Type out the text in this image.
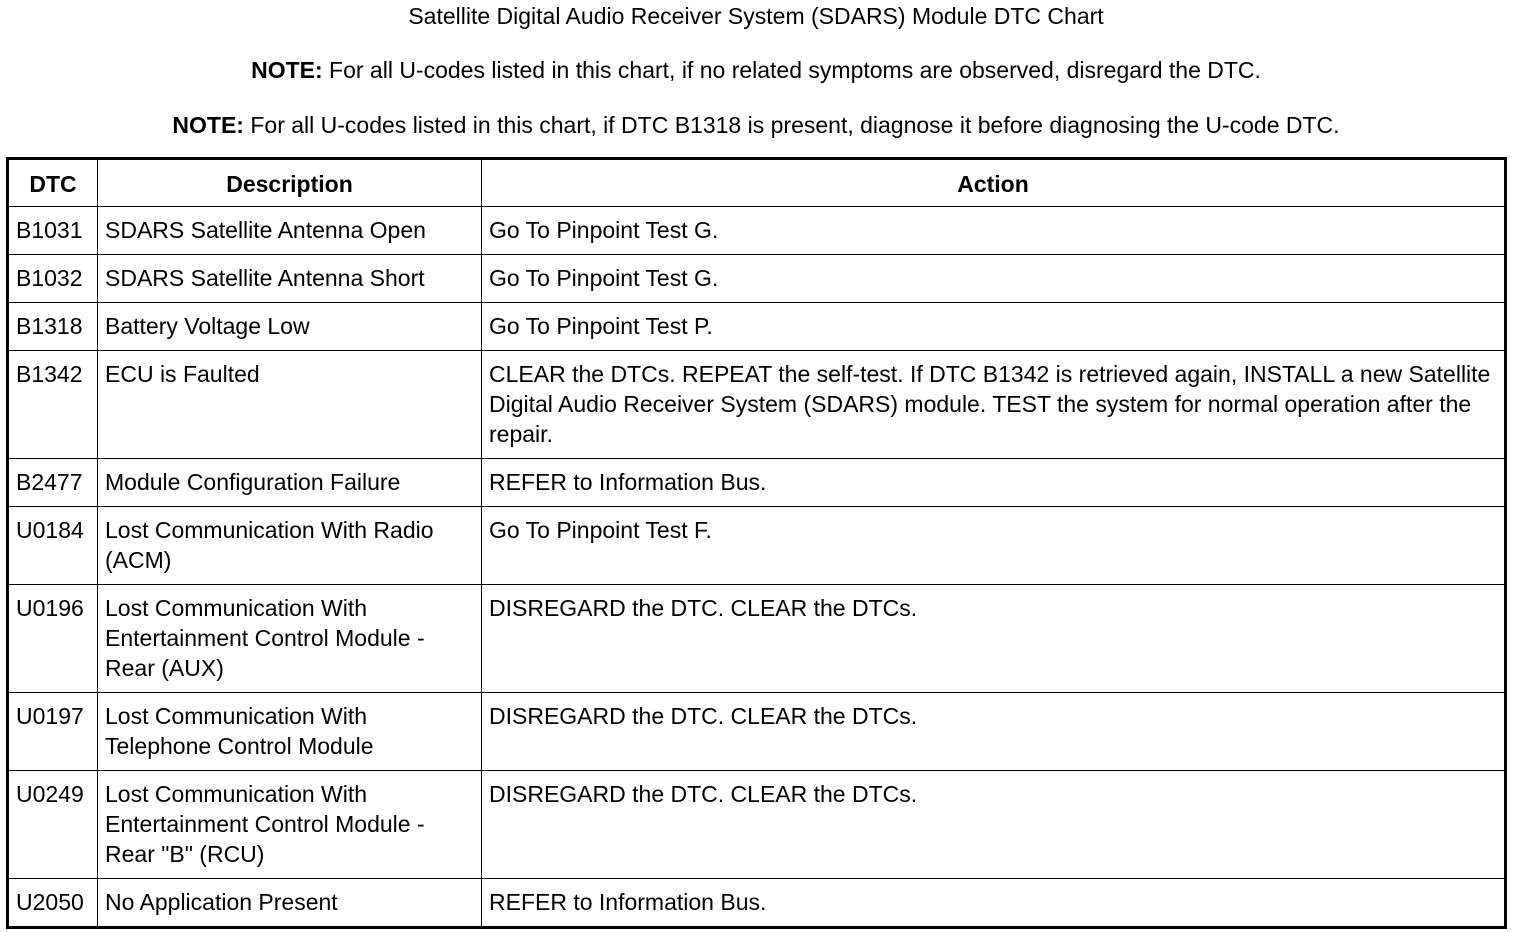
Satellite Digital Audio Receiver System (SDARS) Module DTC Chart
NOTE: For all U-codes listed in this chart, if no related symptoms are observed, disregard the DTC.
NOTE: For all U-codes listed in this chart, if DTC B1318 is present, diagnose it before diagnosing the U-code DTC.
DTC	Description	Action
B1031	SDARS Satellite Antenna Open	Go To Pinpoint Test G.
B1032	SDARS Satellite Antenna Short	Go To Pinpoint Test G.
B1318	Battery Voltage Low	Go To Pinpoint Test P.
B1342	ECU is Faulted	CLEAR the DTCs. REPEAT the self-test. If DTC B1342 is retrieved again, INSTALL a new Satellite Digital Audio Receiver System (SDARS) module. TEST the system for normal operation after the repair.
B2477	Module Configuration Failure	REFER to Information Bus.
U0184	Lost Communication With Radio (ACM)	Go To Pinpoint Test F.
U0196	Lost Communication With Entertainment Control Module - Rear (AUX)	DISREGARD the DTC. CLEAR the DTCs.
U0197	Lost Communication With Telephone Control Module	DISREGARD the DTC. CLEAR the DTCs.
U0249	Lost Communication With Entertainment Control Module - Rear "B" (RCU)	DISREGARD the DTC. CLEAR the DTCs.
U2050	No Application Present	REFER to Information Bus.
